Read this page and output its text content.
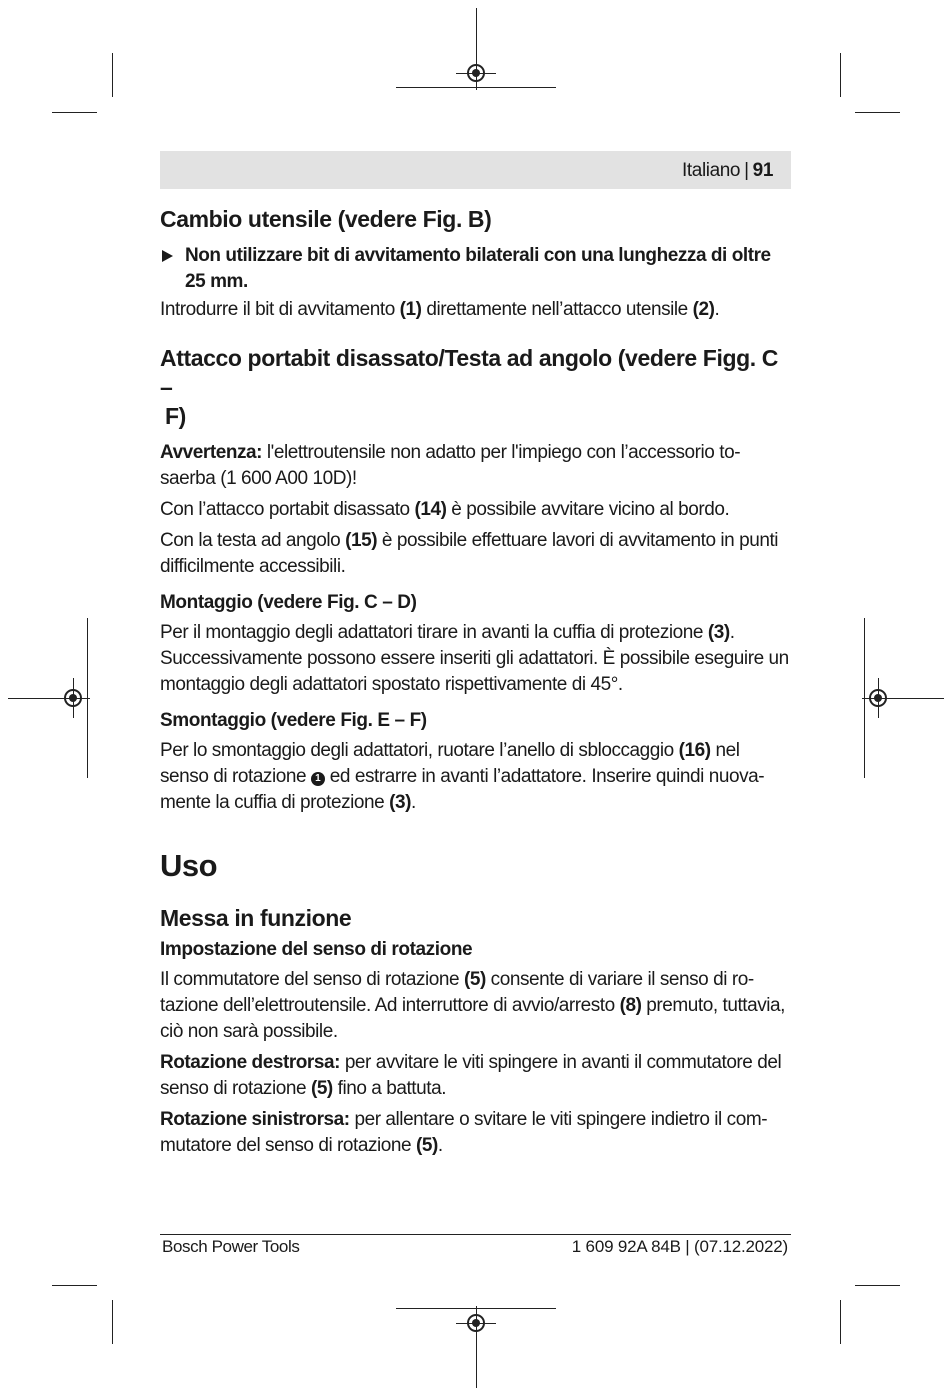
Italiano | 91
Cambio utensile (vedere Fig. B)

Non utilizzare bit di avvitamento bilaterali con una lunghezza di oltre 25 mm.

Introdurre il bit di avvitamento (1) direttamente nell’attacco utensile (2).

Attacco portabit disassato/Testa ad angolo (vedere Figg. C –
F)

Avvertenza: l'elettroutensile non adatto per l'impiego con l’accessorio to-saerba (1 600 A00 10D)!

Con l’attacco portabit disassato (14) è possibile avvitare vicino al bordo.

Con la testa ad angolo (15) è possibile effettuare lavori di avvitamento in punti difficilmente accessibili.

Montaggio (vedere Fig. C – D)

Per il montaggio degli adattatori tirare in avanti la cuffia di protezione (3). Successivamente possono essere inseriti gli adattatori. È possibile eseguire un montaggio degli adattatori spostato rispettivamente di 45°.

Smontaggio (vedere Fig. E – F)

Per lo smontaggio degli adattatori, ruotare l’anello di sbloccaggio (16) nel senso di rotazione 1 ed estrarre in avanti l’adattatore. Inserire quindi nuova-mente la cuffia di protezione (3).

Uso
Messa in funzione
Impostazione del senso di rotazione

Il commutatore del senso di rotazione (5) consente di variare il senso di ro-tazione dell’elettroutensile. Ad interruttore di avvio/arresto (8) premuto, tuttavia, ciò non sarà possibile.

Rotazione destrorsa: per avvitare le viti spingere in avanti il commutatore del senso di rotazione (5) fino a battuta.

Rotazione sinistrorsa: per allentare o svitare le viti spingere indietro il com-mutatore del senso di rotazione (5).

Bosch Power Tools	1 609 92A 84B | (07.12.2022)
